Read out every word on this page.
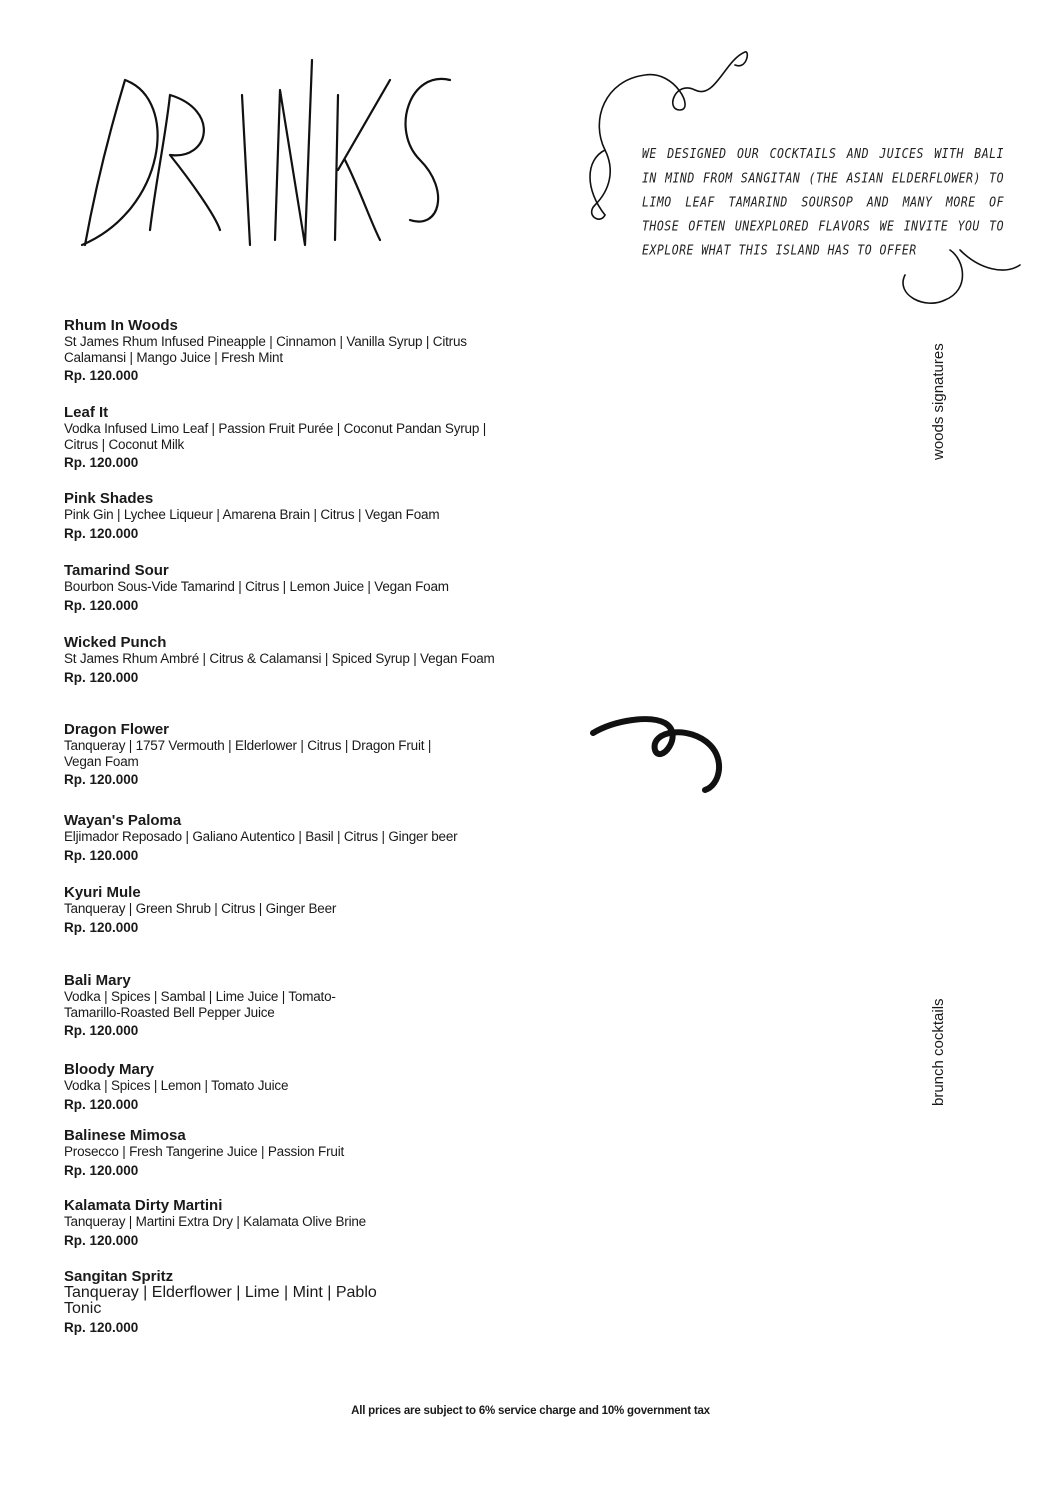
WE DESIGNED OUR COCKTAILS AND JUICES WITH BALI IN MIND FROM SANGITAN (THE ASIAN ELDERFLOWER) TO LIMO LEAF TAMARIND SOURSOP AND MANY MORE OF THOSE OFTEN UNEXPLORED FLAVORS WE INVITE YOU TO EXPLORE WHAT THIS ISLAND HAS TO OFFER
woods signatures
brunch cocktails
Rhum In Woods
St James Rhum Infused Pineapple | Cinnamon | Vanilla Syrup | Citrus Calamansi | Mango Juice | Fresh Mint
Rp. 120.000
Leaf It
Vodka Infused Limo Leaf | Passion Fruit Purée | Coconut Pandan Syrup | Citrus | Coconut Milk
Rp. 120.000
Pink Shades
Pink Gin | Lychee Liqueur | Amarena Brain | Citrus | Vegan Foam
Rp. 120.000
Tamarind Sour
Bourbon Sous-Vide Tamarind | Citrus | Lemon Juice | Vegan Foam
Rp. 120.000
Wicked Punch
St James Rhum Ambré | Citrus & Calamansi | Spiced Syrup | Vegan Foam
Rp. 120.000
Dragon Flower
Tanqueray | 1757 Vermouth | Elderlower | Citrus | Dragon Fruit | Vegan Foam
Rp. 120.000
Wayan's Paloma
Eljimador Reposado | Galiano Autentico | Basil | Citrus | Ginger beer
Rp. 120.000
Kyuri Mule
Tanqueray | Green Shrub | Citrus | Ginger Beer
Rp. 120.000
Bali Mary
Vodka | Spices | Sambal | Lime Juice | Tomato-Tamarillo-Roasted Bell Pepper Juice
Rp. 120.000
Bloody Mary
Vodka | Spices | Lemon | Tomato Juice
Rp. 120.000
Balinese Mimosa
Prosecco | Fresh Tangerine Juice | Passion Fruit
Rp. 120.000
Kalamata Dirty Martini
Tanqueray | Martini Extra Dry | Kalamata Olive Brine
Rp. 120.000
Sangitan Spritz
Tanqueray | Elderflower | Lime | Mint | Pablo Tonic
Rp. 120.000
All prices are subject to 6% service charge and 10% government tax
